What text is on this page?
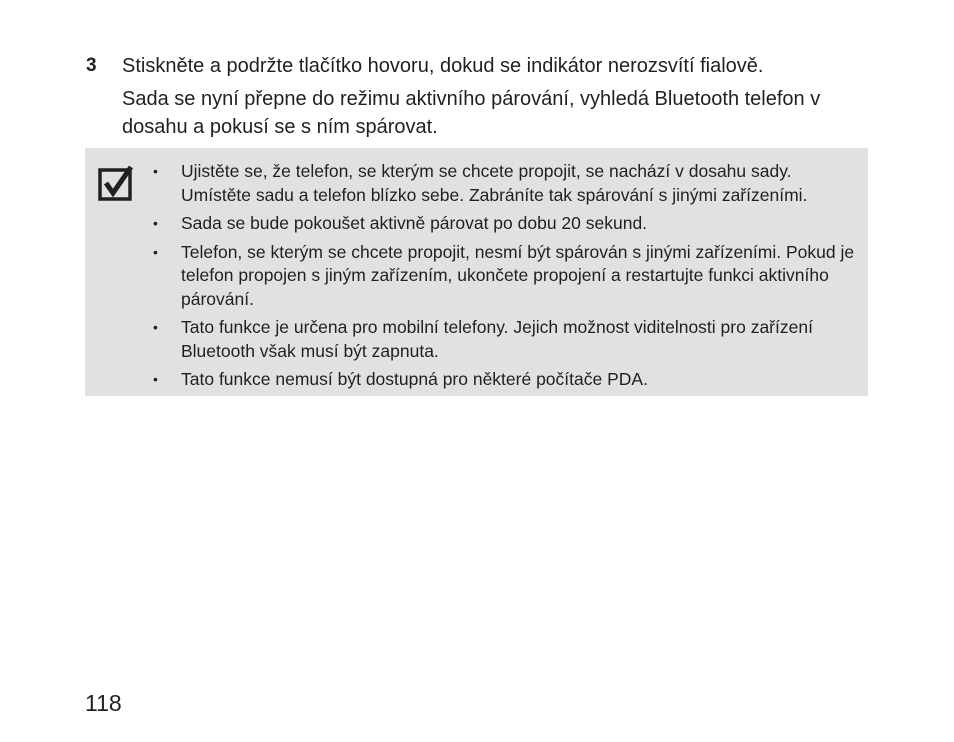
3 Stiskněte a podržte tlačítko hovoru, dokud se indikátor nerozsvítí fialově.
Sada se nyní přepne do režimu aktivního párování, vyhledá Bluetooth telefon v dosahu a pokusí se s ním spárovat.
• Ujistěte se, že telefon, se kterým se chcete propojit, se nachází v dosahu sady. Umístěte sadu a telefon blízko sebe. Zabráníte tak spárování s jinými zařízeními.
• Sada se bude pokoušet aktivně párovat po dobu 20 sekund.
• Telefon, se kterým se chcete propojit, nesmí být spárován s jinými zařízeními. Pokud je telefon propojen s jiným zařízením, ukončete propojení a restartujte funkci aktivního párování.
• Tato funkce je určena pro mobilní telefony. Jejich možnost viditelnosti pro zařízení Bluetooth však musí být zapnuta.
• Tato funkce nemusí být dostupná pro některé počítače PDA.
118
